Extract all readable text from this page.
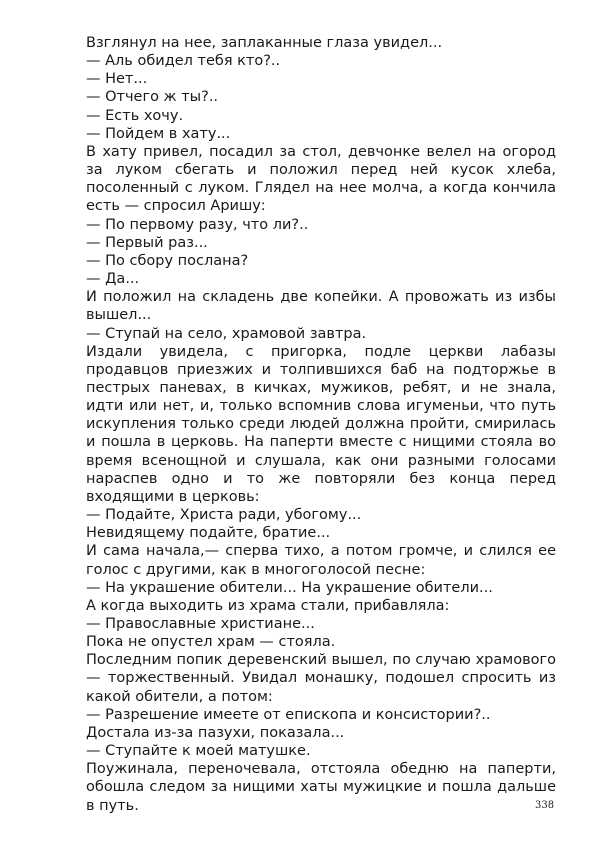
Взглянул на нее, заплаканные глаза увидел...

— Аль обидел тебя кто?..

— Нет...

— Отчего ж ты?..

— Есть хочу.

— Пойдем в хату...

В хату привел, посадил за стол, девчонке велел на огород за луком сбегать и положил перед ней кусок хлеба, посоленный с луком. Глядел на нее молча, а когда кончила есть — спросил Аришу:

— По первому разу, что ли?..

— Первый раз...

— По сбору послана?

— Да...

И положил на складень две копейки. А провожать из избы вышел...

— Ступай на село, храмовой завтра.

Издали увидела, с пригорка, подле церкви лабазы продавцов приезжих и толпившихся баб на подторжье в пестрых паневах, в кичках, мужиков, ребят, и не знала, идти или нет, и, только вспомнив слова игуменьи, что путь искупления только среди людей должна пройти, смирилась и пошла в церковь. На паперти вместе с нищими стояла во время всенощной и слушала, как они разными голосами нараспев одно и то же повторяли без конца перед входящими в церковь:

— Подайте, Христа ради, убогому...

Невидящему подайте, братие...

И сама начала,— сперва тихо, а потом громче, и слился ее голос с другими, как в многоголосой песне:

— На украшение обители... На украшение обители...

А когда выходить из храма стали, прибавляла:

— Православные христиане...

Пока не опустел храм — стояла.

Последним попик деревенский вышел, по случаю храмового — торжественный. Увидал монашку, подошел спросить из какой обители, а потом:

— Разрешение имеете от епископа и консистории?..

Достала из-за пазухи, показала...

— Ступайте к моей матушке.

Поужинала, переночевала, отстояла обедню на паперти, обошла следом за нищими хаты мужицкие и пошла дальше в путь.	338
